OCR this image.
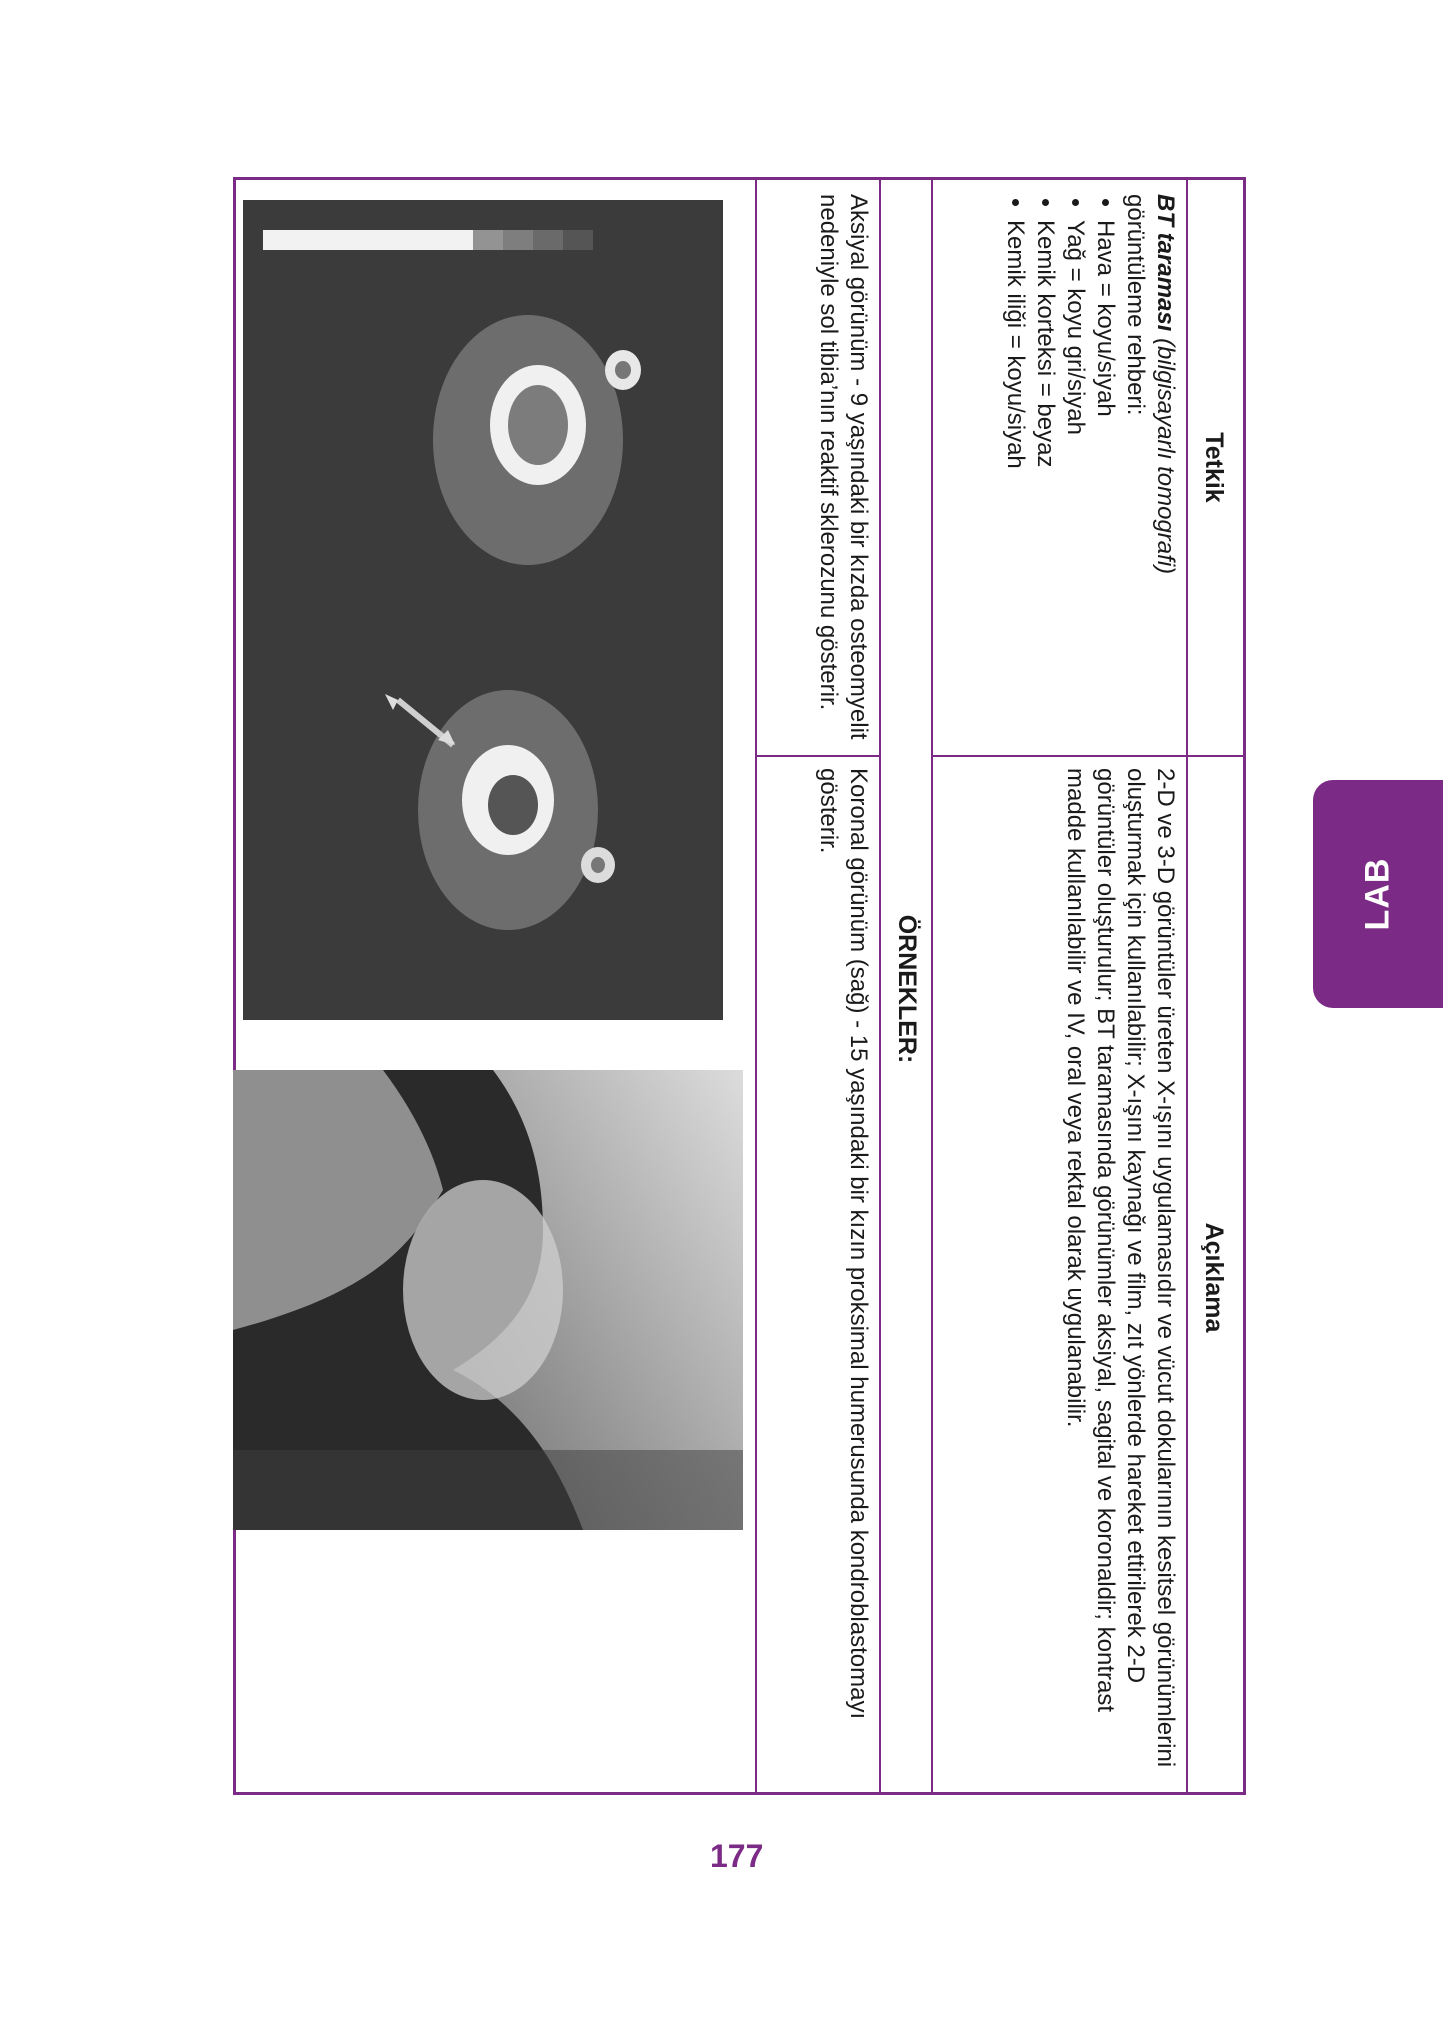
Tetkik
Açıklama
BT taraması (bilgisayarlı tomografi)
görüntüleme rehberi:
• Hava = koyu/siyah
• Yağ = koyu gri/siyah
• Kemik korteksi = beyaz
• Kemik iliği = koyu/siyah
2-D ve 3-D görüntüler üreten X-ışını uygulamasıdır ve vücut dokularının kesitsel görünümlerini oluşturmak için kullanılabilir; X-ışını kaynağı ve film, zıt yönlerde hareket ettirilerek 2-D görüntüler oluşturulur; BT taramasında görünümler aksiyal, sagital ve koronaldir; kontrast madde kullanılabilir ve IV, oral veya rektal olarak uygulanabilir.
ÖRNEKLER:
Aksiyal görünüm - 9 yaşındaki bir kızda osteomyelit nedeniyle sol tibia’nın reaktif sklerozunu gösterir.
Koronal görünüm (sağ) - 15 yaşındaki bir kızın proksimal humerusunda kondroblastomayı gösterir.
177
LAB
